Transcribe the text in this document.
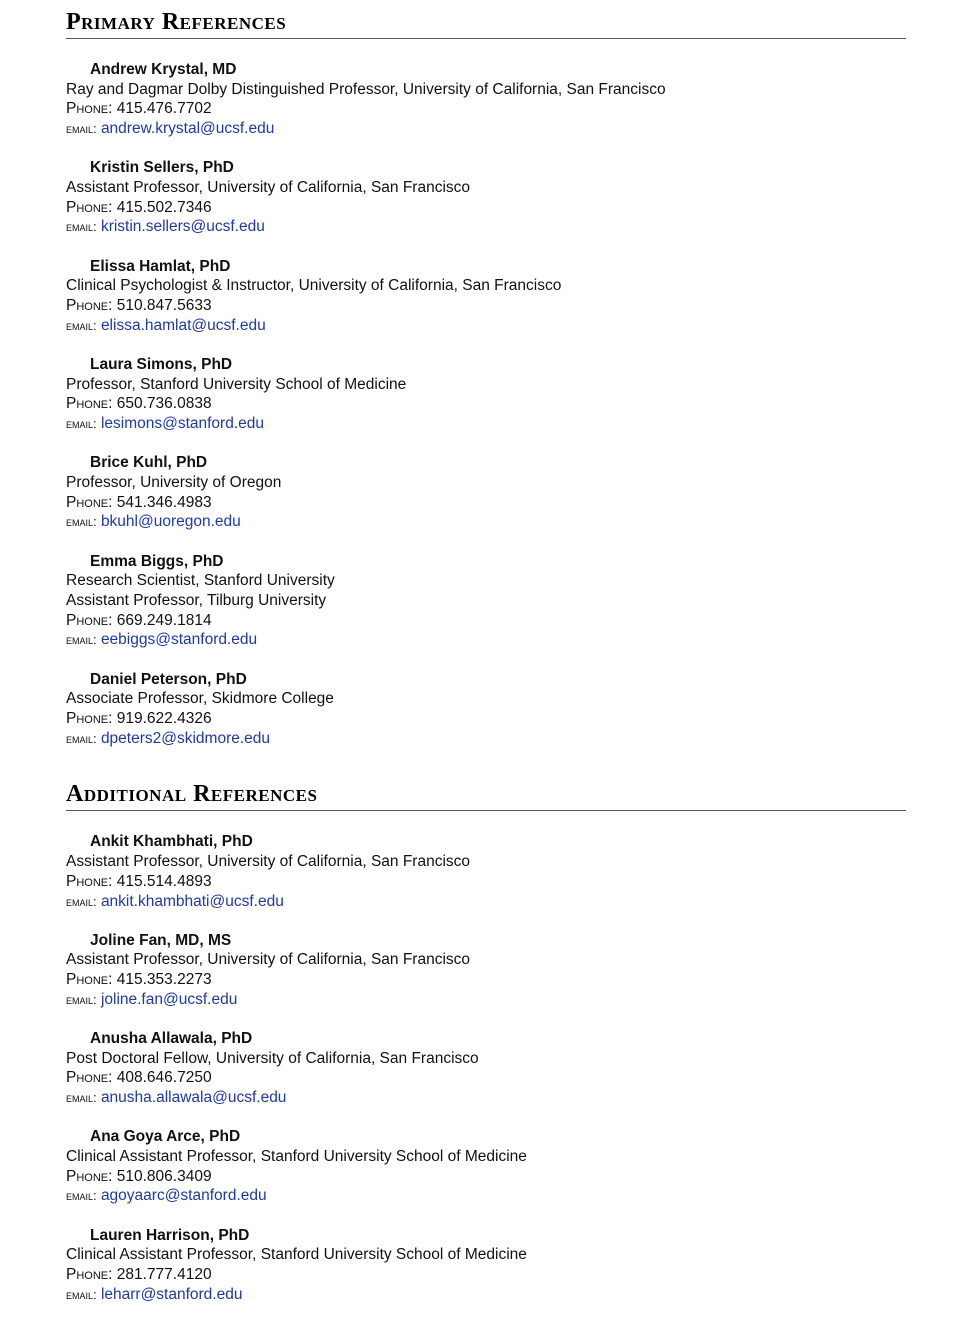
Primary References
Andrew Krystal, MD
Ray and Dagmar Dolby Distinguished Professor, University of California, San Francisco
Phone: 415.476.7702
email: andrew.krystal@ucsf.edu
Kristin Sellers, PhD
Assistant Professor, University of California, San Francisco
Phone: 415.502.7346
email: kristin.sellers@ucsf.edu
Elissa Hamlat, PhD
Clinical Psychologist & Instructor, University of California, San Francisco
Phone: 510.847.5633
email: elissa.hamlat@ucsf.edu
Laura Simons, PhD
Professor, Stanford University School of Medicine
Phone: 650.736.0838
email: lesimons@stanford.edu
Brice Kuhl, PhD
Professor, University of Oregon
Phone: 541.346.4983
email: bkuhl@uoregon.edu
Emma Biggs, PhD
Research Scientist, Stanford University
Assistant Professor, Tilburg University
Phone: 669.249.1814
email: eebiggs@stanford.edu
Daniel Peterson, PhD
Associate Professor, Skidmore College
Phone: 919.622.4326
email: dpeters2@skidmore.edu
Additional References
Ankit Khambhati, PhD
Assistant Professor, University of California, San Francisco
Phone: 415.514.4893
email: ankit.khambhati@ucsf.edu
Joline Fan, MD, MS
Assistant Professor, University of California, San Francisco
Phone: 415.353.2273
email: joline.fan@ucsf.edu
Anusha Allawala, PhD
Post Doctoral Fellow, University of California, San Francisco
Phone: 408.646.7250
email: anusha.allawala@ucsf.edu
Ana Goya Arce, PhD
Clinical Assistant Professor, Stanford University School of Medicine
Phone: 510.806.3409
email: agoyaarc@stanford.edu
Lauren Harrison, PhD
Clinical Assistant Professor, Stanford University School of Medicine
Phone: 281.777.4120
email: leharr@stanford.edu
